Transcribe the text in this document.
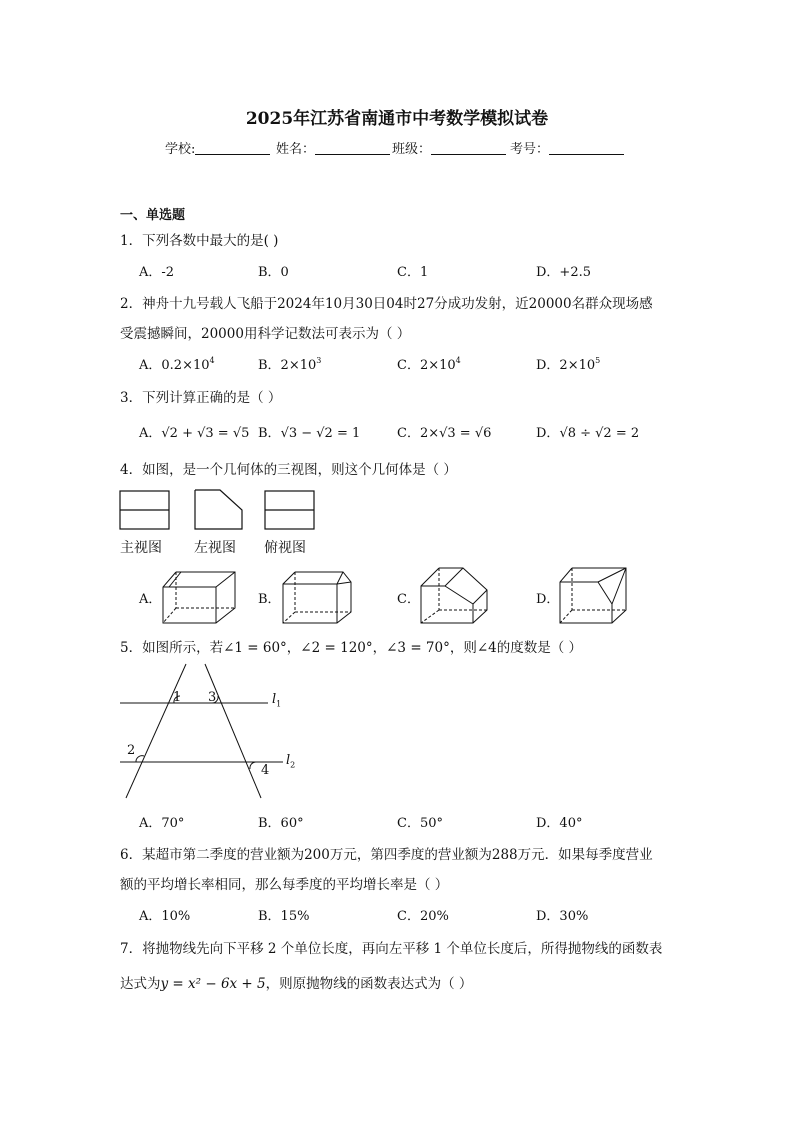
2025年江苏省南通市中考数学模拟试卷
学校:	姓名：	班级：	考号：
一、单选题
1．下列各数中最大的是( )
A．-2	B．0	C．1	D．+2.5
2．神舟十九号载人飞船于2024年10月30日04时27分成功发射，近20000名群众现场感
受震撼瞬间，20000用科学记数法可表示为（ ）
A．$0.2\times 10^4$	B．$2\times 10^3$	C．$2\times 10^4$	D．$2\times 10^5$
3．下列计算正确的是（ ）
A．√2 + √3 = √5 B．√3 − √2 = 1	C．2×√3 = √6	D．√8 ÷ √2 = 2
4．如图，是一个几何体的三视图，则这个几何体是（ ）
主视图 左视图 俯视图
A．	B．	C．	D．
5．如图所示，若∠1 = 60°，∠2 = 120°，∠3 = 70°，则∠4的度数是（ ）
1 3
2
4
$l_1$
$l_2$
A．70°	B．60°	C．50°	D．40°
6．某超市第二季度的营业额为200万元，第四季度的营业额为288万元．如果每季度营业
额的平均增长率相同，那么每季度的平均增长率是（ ）
A．10%	B．15%	C．20%	D．30%
7．将抛物线先向下平移 2 个单位长度，再向左平移 1 个单位长度后，所得抛物线的函数表
达式为y = x² − 6x + 5，则原抛物线的函数表达式为（ ）
